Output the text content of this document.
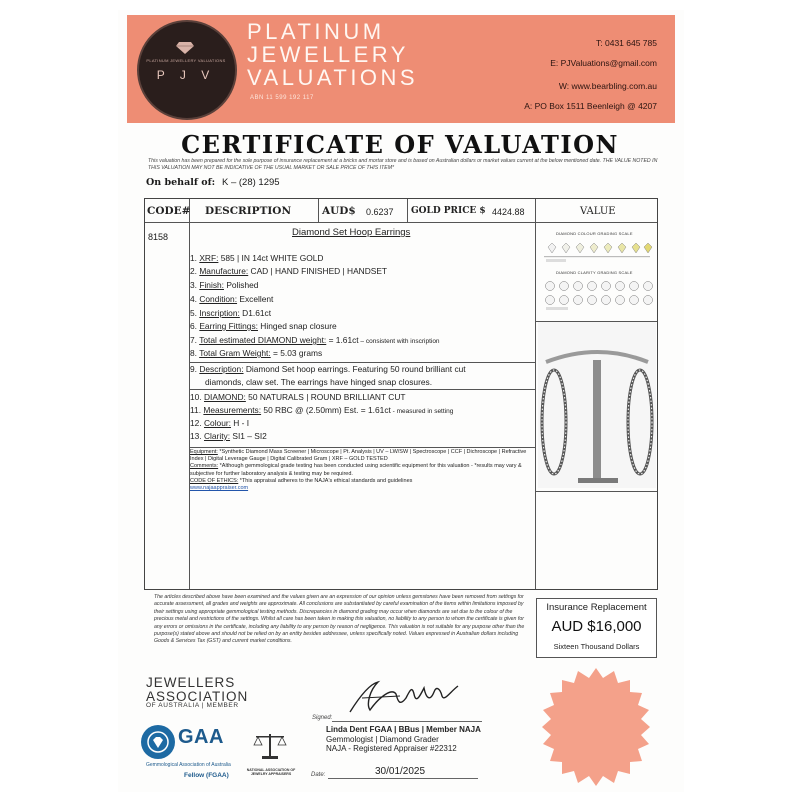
PLATINUM JEWELLERY VALUATIONS
P J V
PLATINUM
JEWELLERY
VALUATIONS
ABN 11 599 192 117
T: 0431 645 785
E: PJValuations@gmail.com
W: www.bearbling.com.au
A: PO Box 1511 Beenleigh @ 4207
CERTIFICATE OF VALUATION
This valuation has been prepared for the sole purpose of insurance replacement at a bricks and mortar store and is based on Australian dollars or market values current at the below mentioned date. THE VALUE NOTED IN THIS VALUATION MAY NOT BE INDICATIVE OF THE USUAL MARKET OR SALE PRICE OF THIS ITEM*
On behalf of: K – (28) 1295
CODE# DESCRIPTION	AUD$ 0.6237 GOLD PRICE $ 4424.88	VALUE
8158	Diamond Set Hoop Earrings
1. XRF: 585 | IN 14ct WHITE GOLD
2. Manufacture: CAD | HAND FINISHED | HANDSET
3. Finish: Polished
4. Condition: Excellent
5. Inscription: D1.61ct
6. Earring Fittings: Hinged snap closure
7. Total estimated DIAMOND weight: = 1.61ct – consistent with inscription
8. Total Gram Weight: = 5.03 grams
9. Description: Diamond Set hoop earrings. Featuring 50 round brilliant cut
diamonds, claw set. The earrings have hinged snap closures.
10. DIAMOND: 50 NATURALS | ROUND BRILLIANT CUT
11. Measurements: 50 RBC @ (2.50mm) Est. = 1.61ct - measured in setting
12. Colour: H - I
13. Clarity: SI1 – SI2
Equipment: *Synthetic Diamond Mass Screener | Microscope | Pt. Analysis | UV – LW/SW | Spectroscope | CCF | Dichroscope | Refractive Index | Digital Leverage Gauge | Digital Calibrated Gram | XRF – GOLD TESTED
Comments: *Although gemmological grade testing has been conducted using scientific equipment for this valuation - *results may vary & subjective for further laboratory analysis & testing may be required.
CODE OF ETHICS: *This appraisal adheres to the NAJA's ethical standards and guidelines
www.najaappraiser.com
DIAMOND COLOUR GRADING SCALE
DIAMOND CLARITY GRADING SCALE
The articles described above have been examined and the values given are an expression of our opinion unless gemstones have been removed from settings for accurate assessment, all grades and weights are approximate. All conclusions are substantiated by careful examination of the items within limitations imposed by their settings using appropriate gemmological testing methods. Discrepancies in diamond grading may occur when diamonds are set due to the colour of the precious metal and restrictions of the settings. Whilst all care has been taken in making this valuation, no liability to any person to whom the certificate is given for any errors or omissions in the certificate, including any liability to any person by reason of negligence. This valuation is not suitable for any purpose other than the purpose(s) stated above and should not be relied on by an entity besides addressee, unless specifically noted. Values expressed in Australian dollars including Goods & Services Tax (GST) and current market conditions.
Insurance Replacement
AUD $16,000
Sixteen Thousand Dollars
JEWELLERS
ASSOCIATION
OF AUSTRALIA | MEMBER
GAA
Gemmological Association of Australia
Fellow (FGAA)
NATIONAL ASSOCIATION OF JEWELRY APPRAISERS
Signed:
Linda Dent FGAA | BBus | Member NAJA
Gemmologist | Diamond Grader
NAJA - Registered Appraiser #22312
Date:	30/01/2025
